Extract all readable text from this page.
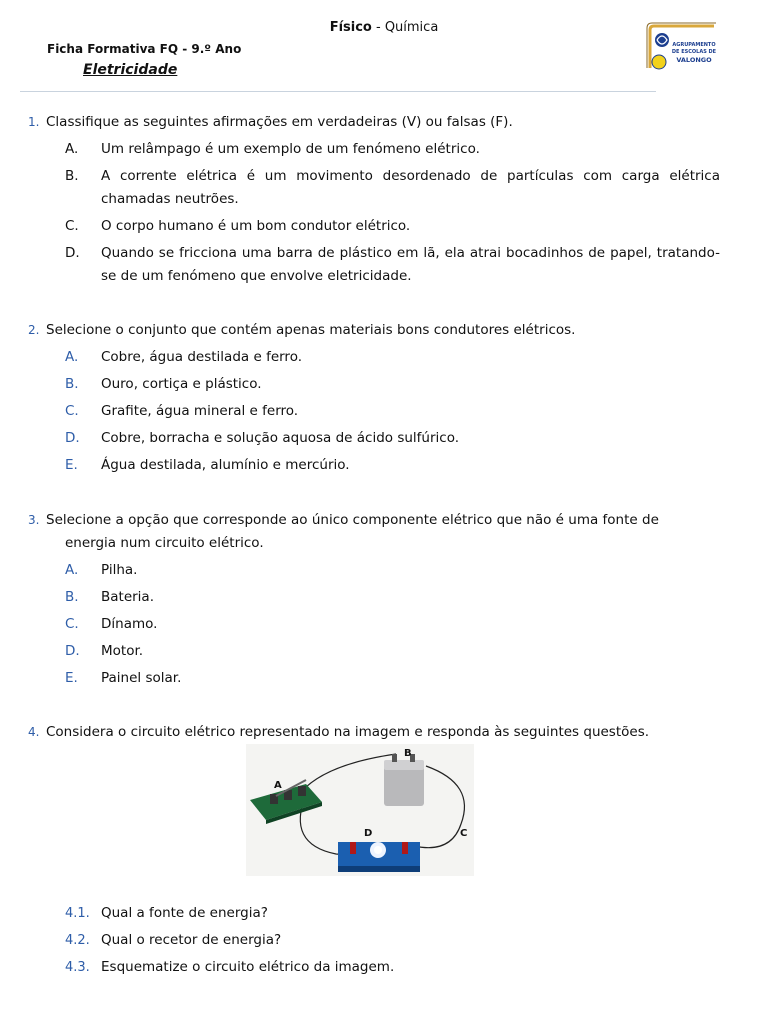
Físico - Química
Ficha Formativa FQ - 9.º Ano
Eletricidade
AGRUPAMENTO
DE ESCOLAS DE
VALONGO
1. Classifique as seguintes afirmações em verdadeiras (V) ou falsas (F).
A. Um relâmpago é um exemplo de um fenómeno elétrico.
B. A corrente elétrica é um movimento desordenado de partículas com carga elétrica chamadas neutrões.
C. O corpo humano é um bom condutor elétrico.
D. Quando se fricciona uma barra de plástico em lã, ela atrai bocadinhos de papel, tratando-se de um fenómeno que envolve eletricidade.
2. Selecione o conjunto que contém apenas materiais bons condutores elétricos.
A. Cobre, água destilada e ferro.
B. Ouro, cortiça e plástico.
C. Grafite, água mineral e ferro.
D. Cobre, borracha e solução aquosa de ácido sulfúrico.
E. Água destilada, alumínio e mercúrio.
3. Selecione a opção que corresponde ao único componente elétrico que não é uma fonte de
energia num circuito elétrico.
A. Pilha.
B. Bateria.
C. Dínamo.
D. Motor.
E. Painel solar.
4. Considera o circuito elétrico representado na imagem e responda às seguintes questões.
A
B
D	C
4.1. Qual a fonte de energia?
4.2. Qual o recetor de energia?
4.3. Esquematize o circuito elétrico da imagem.
